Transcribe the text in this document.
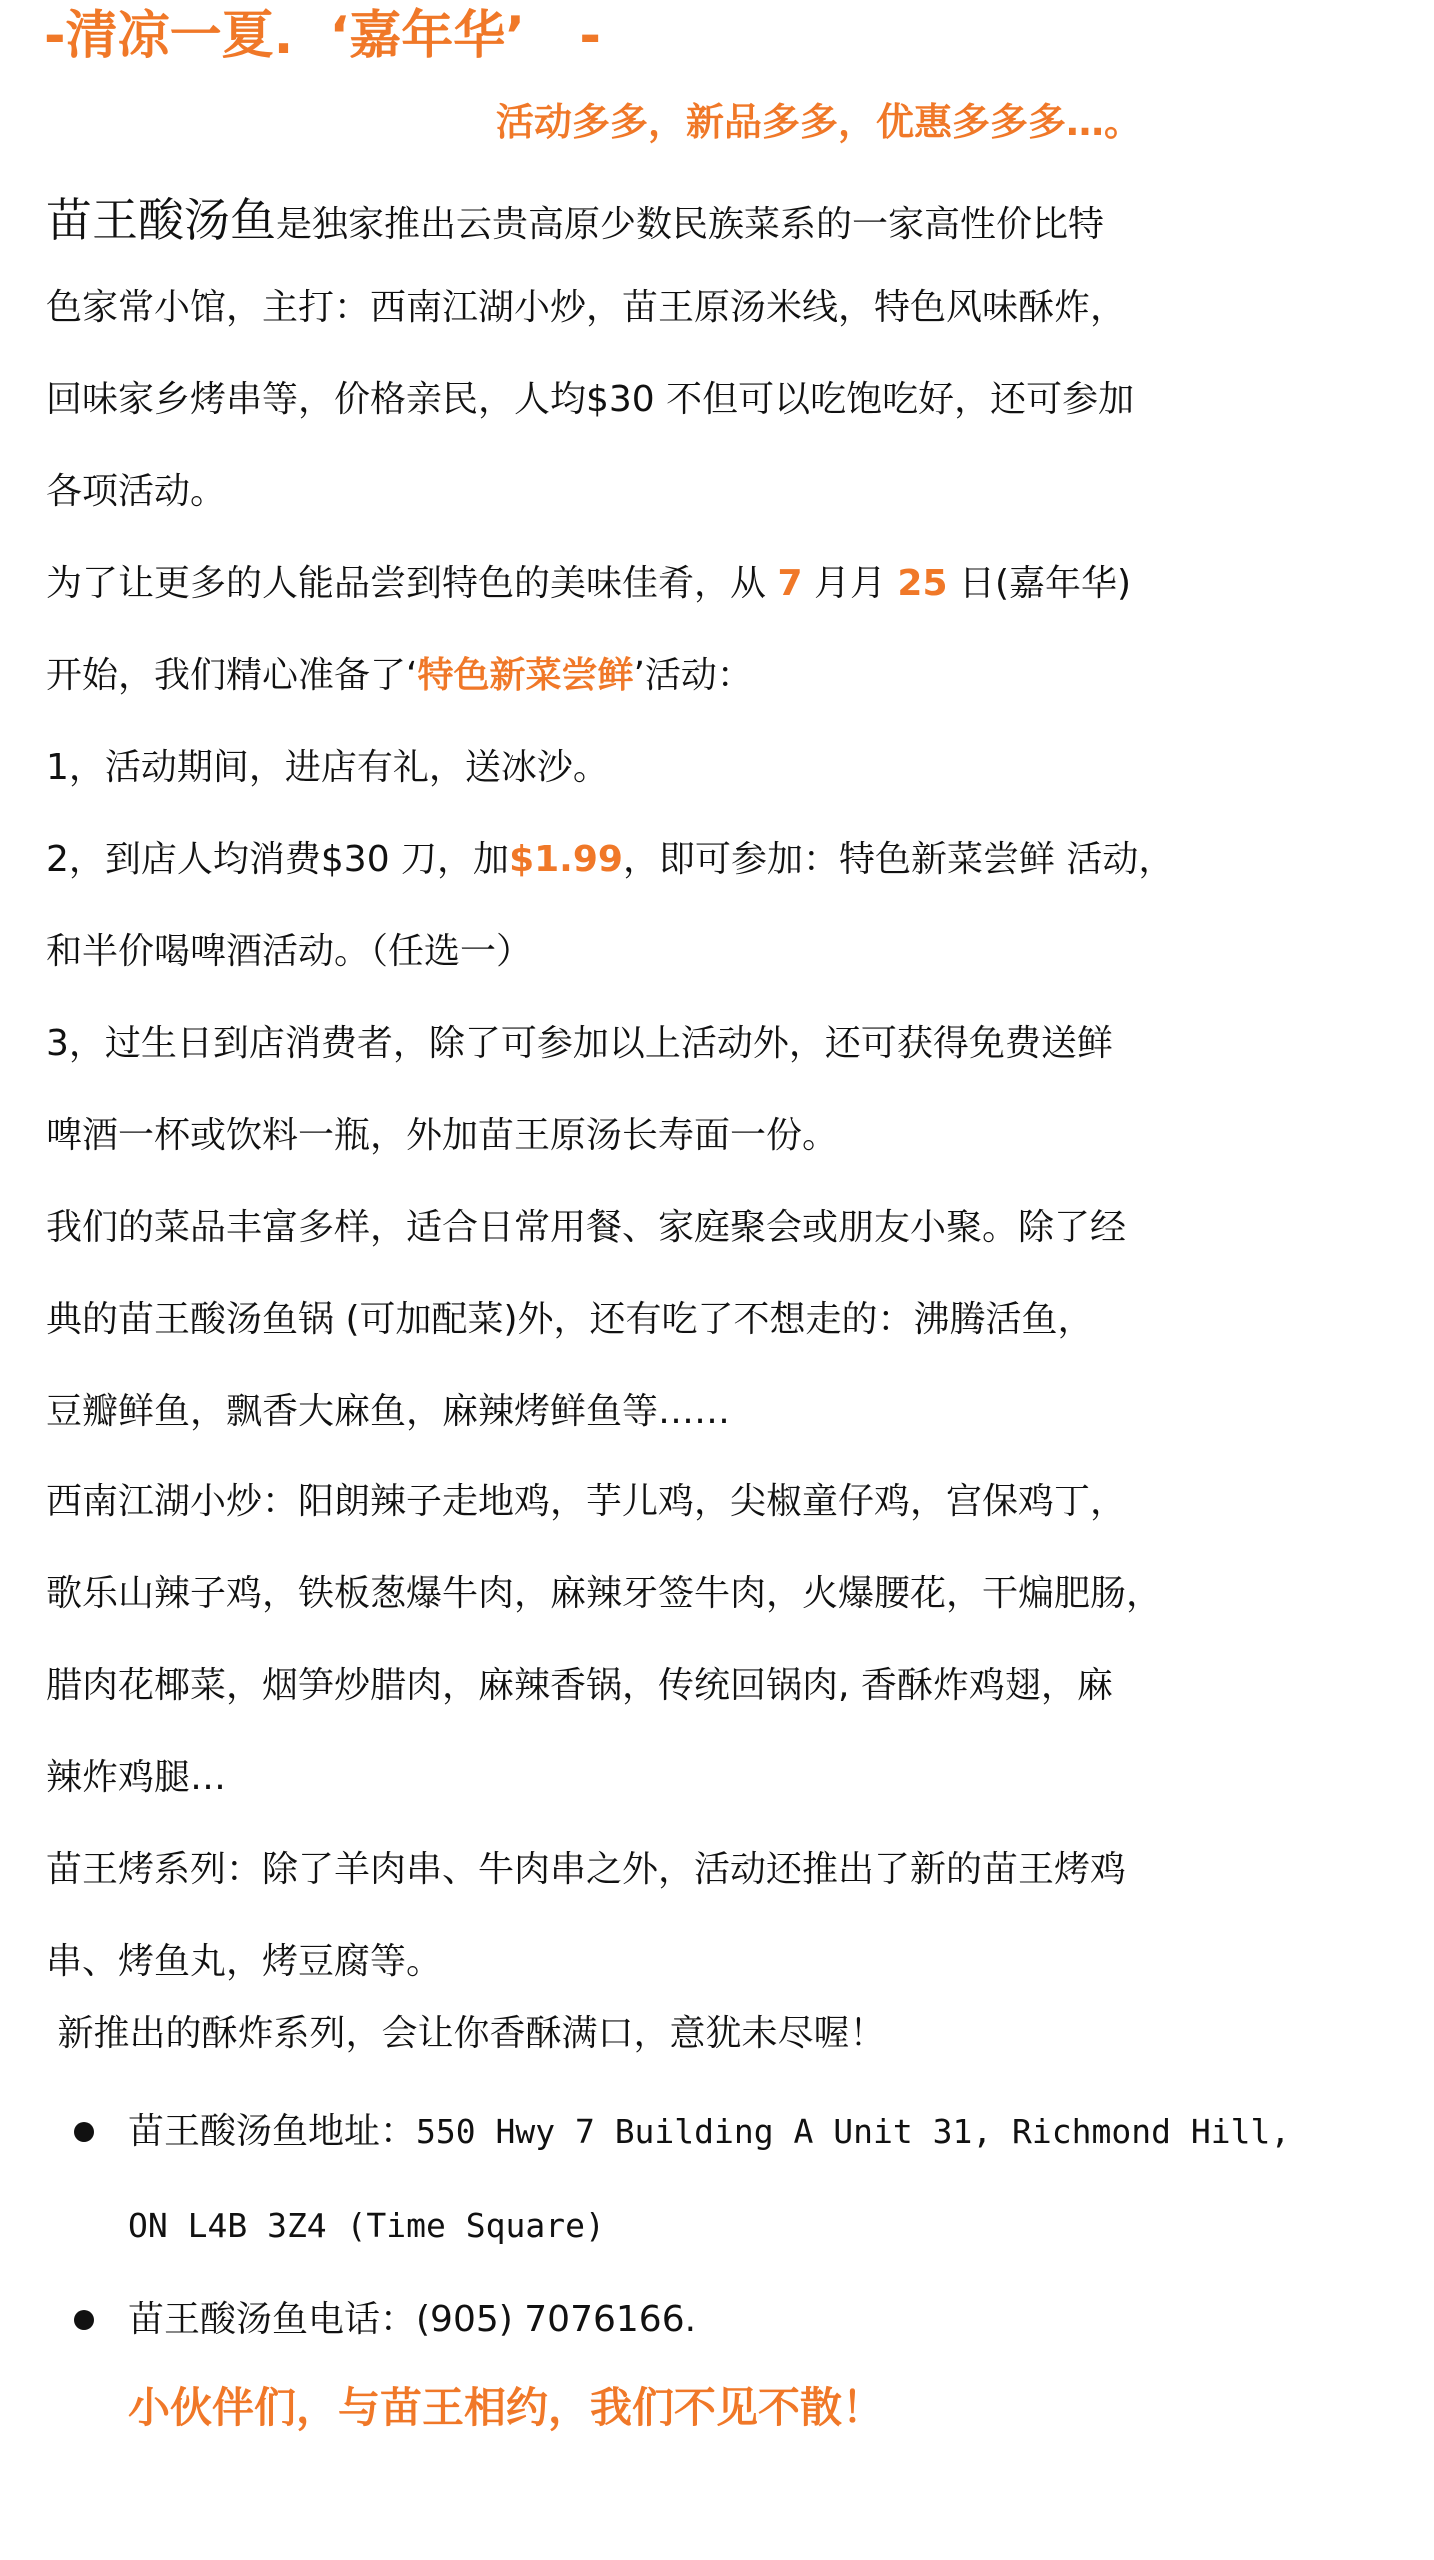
-清凉一夏.  ‘嘉年华’   -
活动多多，新品多多，优惠多多多…。
苗王酸汤鱼是独家推出云贵高原少数民族菜系的一家高性价比特
色家常小馆，主打：西南江湖小炒，苗王原汤米线，特色风味酥炸，
回味家乡烤串等，价格亲民，人均$30 不但可以吃饱吃好，还可参加
各项活动。
为了让更多的人能品尝到特色的美味佳肴，从 7 月月 25 日(嘉年华)
开始，我们精心准备了‘特色新菜尝鲜’活动：
1，活动期间，进店有礼，送冰沙。
2，到店人均消费$30 刀，加$1.99，即可参加：特色新菜尝鲜 活动，
和半价喝啤酒活动。（任选一）
3，过生日到店消费者，除了可参加以上活动外，还可获得免费送鲜
啤酒一杯或饮料一瓶，外加苗王原汤长寿面一份。
我们的菜品丰富多样，适合日常用餐、家庭聚会或朋友小聚。除了经
典的苗王酸汤鱼锅 (可加配菜)外，还有吃了不想走的：沸腾活鱼，
豆瓣鲜鱼，飘香大麻鱼，麻辣烤鲜鱼等……
西南江湖小炒：阳朗辣子走地鸡，芋儿鸡，尖椒童仔鸡，宫保鸡丁，
歌乐山辣子鸡，铁板葱爆牛肉，麻辣牙签牛肉，火爆腰花，干煸肥肠，
腊肉花椰菜，烟笋炒腊肉，麻辣香锅，传统回锅肉, 香酥炸鸡翅，麻
辣炸鸡腿…
苗王烤系列：除了羊肉串、牛肉串之外，活动还推出了新的苗王烤鸡
串、烤鱼丸，烤豆腐等。
新推出的酥炸系列，会让你香酥满口，意犹未尽喔！
苗王酸汤鱼地址：550 Hwy 7 Building A Unit 31, Richmond Hill,
ON L4B 3Z4 (Time Square)
苗王酸汤鱼电话：(905) 7076166.
小伙伴们，与苗王相约，我们不见不散！
